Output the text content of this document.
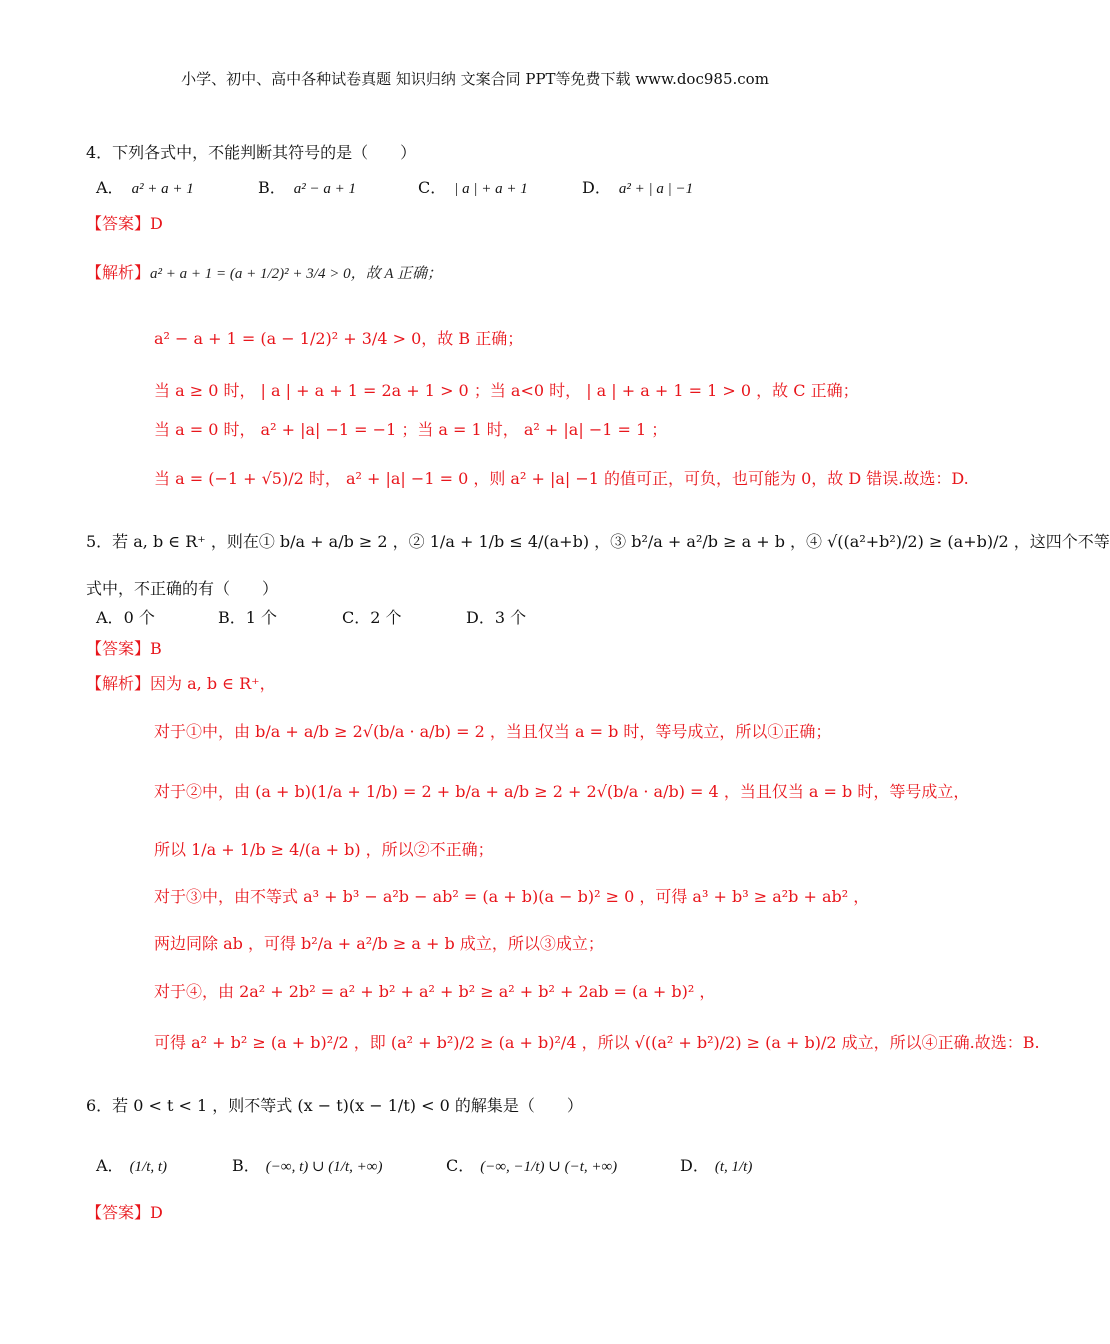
小学、初中、高中各种试卷真题 知识归纳 文案合同 PPT等免费下载 www.doc985.com
4．下列各式中，不能判断其符号的是（　　）
A． a² + a + 1	B． a² − a + 1	C． | a | + a + 1	D． a² + | a | −1
【答案】D
【解析】a² + a + 1 = (a + 1/2)² + 3/4 > 0，故 A 正确；
a² − a + 1 = (a − 1/2)² + 3/4 > 0，故 B 正确；
当 a ≥ 0 时， | a | + a + 1 = 2a + 1 > 0 ；当 a<0 时， | a | + a + 1 = 1 > 0 ，故 C 正确；
当 a = 0 时， a² + |a| −1 = −1 ；当 a = 1 时， a² + |a| −1 = 1 ；
当 a = (−1 + √5)/2 时， a² + |a| −1 = 0 ，则 a² + |a| −1 的值可正，可负，也可能为 0，故 D 错误.故选：D.
5．若 a, b ∈ R⁺ ，则在① b/a + a/b ≥ 2 ，② 1/a + 1/b ≤ 4/(a+b) ，③ b²/a + a²/b ≥ a + b ，④ √((a²+b²)/2) ≥ (a+b)/2 ，这四个不等
式中，不正确的有（　　）
A．0 个	B．1 个	C．2 个	D．3 个
【答案】B
【解析】因为 a, b ∈ R⁺，
对于①中，由 b/a + a/b ≥ 2√(b/a · a/b) = 2 ，当且仅当 a = b 时，等号成立，所以①正确；
对于②中，由 (a + b)(1/a + 1/b) = 2 + b/a + a/b ≥ 2 + 2√(b/a · a/b) = 4 ，当且仅当 a = b 时，等号成立，
所以 1/a + 1/b ≥ 4/(a + b) ，所以②不正确；
对于③中，由不等式 a³ + b³ − a²b − ab² = (a + b)(a − b)² ≥ 0 ，可得 a³ + b³ ≥ a²b + ab² ，
两边同除 ab ，可得 b²/a + a²/b ≥ a + b 成立，所以③成立；
对于④，由 2a² + 2b² = a² + b² + a² + b² ≥ a² + b² + 2ab = (a + b)² ，
可得 a² + b² ≥ (a + b)²/2 ，即 (a² + b²)/2 ≥ (a + b)²/4 ，所以 √((a² + b²)/2) ≥ (a + b)/2 成立，所以④正确.故选：B.
6．若 0 < t < 1 ，则不等式 (x − t)(x − 1/t) < 0 的解集是（　　）
A． (1/t, t)	B． (−∞, t) ∪ (1/t, +∞)	C． (−∞, −1/t) ∪ (−t, +∞)	D． (t, 1/t)
【答案】D
